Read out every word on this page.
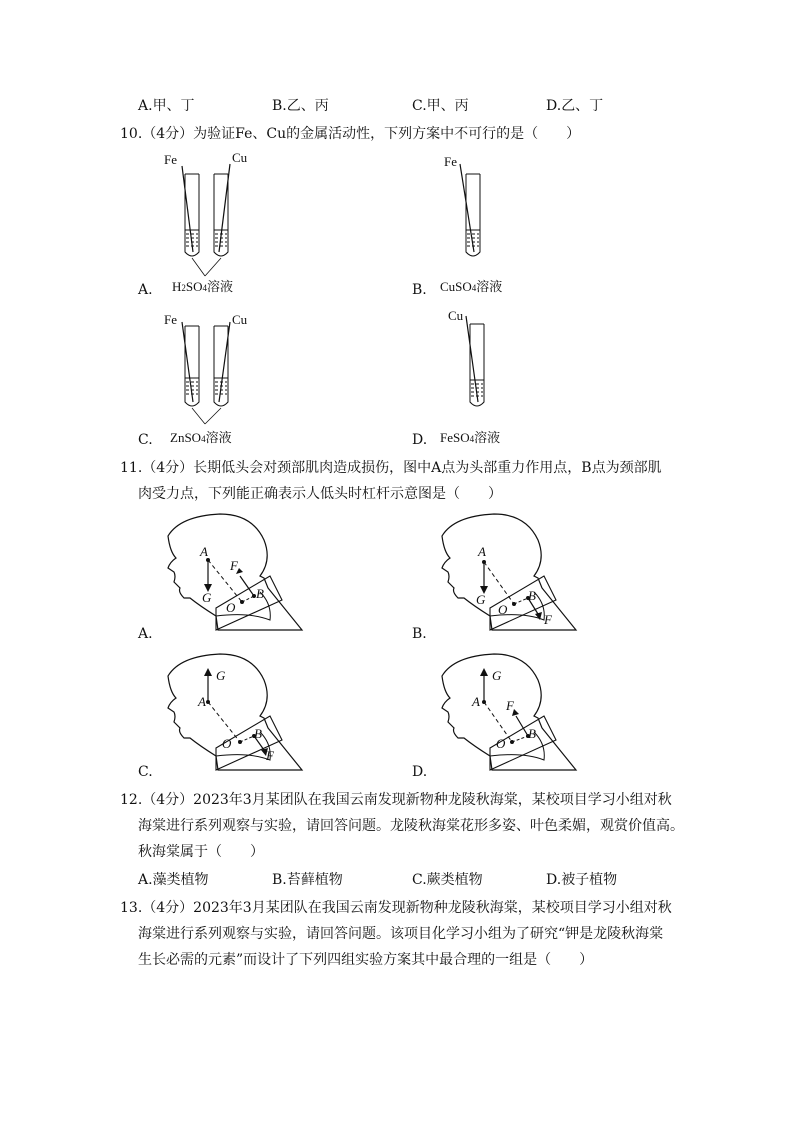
A.甲、丁	B.乙、丙	C.甲、丙	D.乙、丁
10.（4分）为验证Fe、Cu的金属活动性，下列方案中不可行的是（　　）
Fe	Cu
A. H2SO4溶液
Fe
B. CuSO4溶液
Fe	Cu
C. ZnSO4溶液
Cu
D. FeSO4溶液
11.（4分）长期低头会对颈部肌肉造成损伤，图中A点为头部重力作用点，B点为颈部肌
肉受力点，下列能正确表示人低头时杠杆示意图是（　　）
A
G
O
B
F
A.
A
G
O
B
F
B.
A
G
O
B
F
C.
A
G
O
B
F
D.
12.（4分）2023年3月某团队在我国云南发现新物种龙陵秋海棠，某校项目学习小组对秋
海棠进行系列观察与实验，请回答问题。龙陵秋海棠花形多姿、叶色柔媚，观赏价值高。
秋海棠属于（　　）
A.藻类植物	B.苔藓植物	C.蕨类植物	D.被子植物
13.（4分）2023年3月某团队在我国云南发现新物种龙陵秋海棠，某校项目学习小组对秋
海棠进行系列观察与实验，请回答问题。该项目化学习小组为了研究“钾是龙陵秋海棠
生长必需的元素”而设计了下列四组实验方案其中最合理的一组是（　　）
